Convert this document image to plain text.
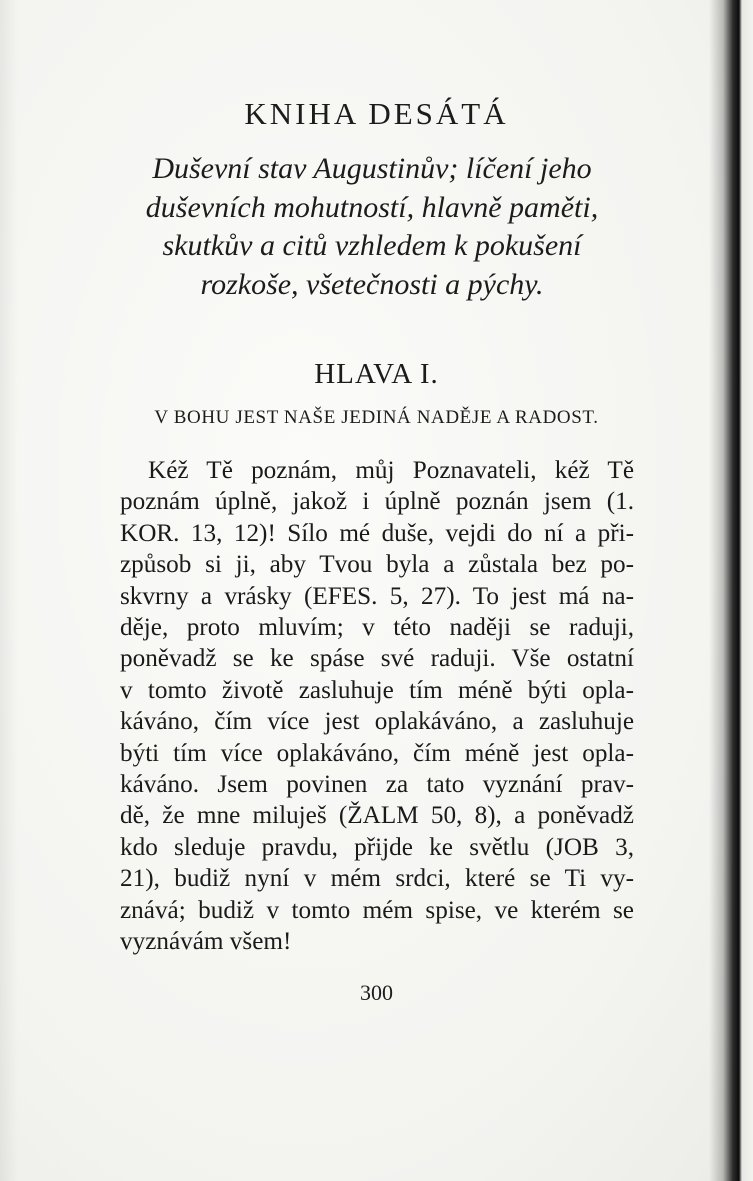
KNIHA DESÁTÁ

Duševní stav Augustinův; líčení jeho duševních mohutností, hlavně paměti, skutkův a citů vzhledem k pokušení rozkoše, všetečnosti a pýchy.

HLAVA I.
V BOHU JEST NAŠE JEDINÁ NADĚJE A RADOST.
Kéž Tě poznám, můj Poznavateli, kéž Tě
poznám úplně, jakož i úplně poznán jsem (1.
KOR. 13, 12)! Sílo mé duše, vejdi do ní a při-
způsob si ji, aby Tvou byla a zůstala bez po-
skvrny a vrásky (EFES. 5, 27). To jest má na-
děje, proto mluvím; v této naději se raduji,
poněvadž se ke spáse své raduji. Vše ostatní
v tomto životě zasluhuje tím méně býti opla-
káváno, čím více jest oplakáváno, a zasluhuje
býti tím více oplakáváno, čím méně jest opla-
káváno. Jsem povinen za tato vyznání prav-
dě, že mne miluješ (ŽALM 50, 8), a poněvadž
kdo sleduje pravdu, přijde ke světlu (JOB 3,
21), budiž nyní v mém srdci, které se Ti vy-
znává; budiž v tomto mém spise, ve kterém se
vyznávám všem!

300
